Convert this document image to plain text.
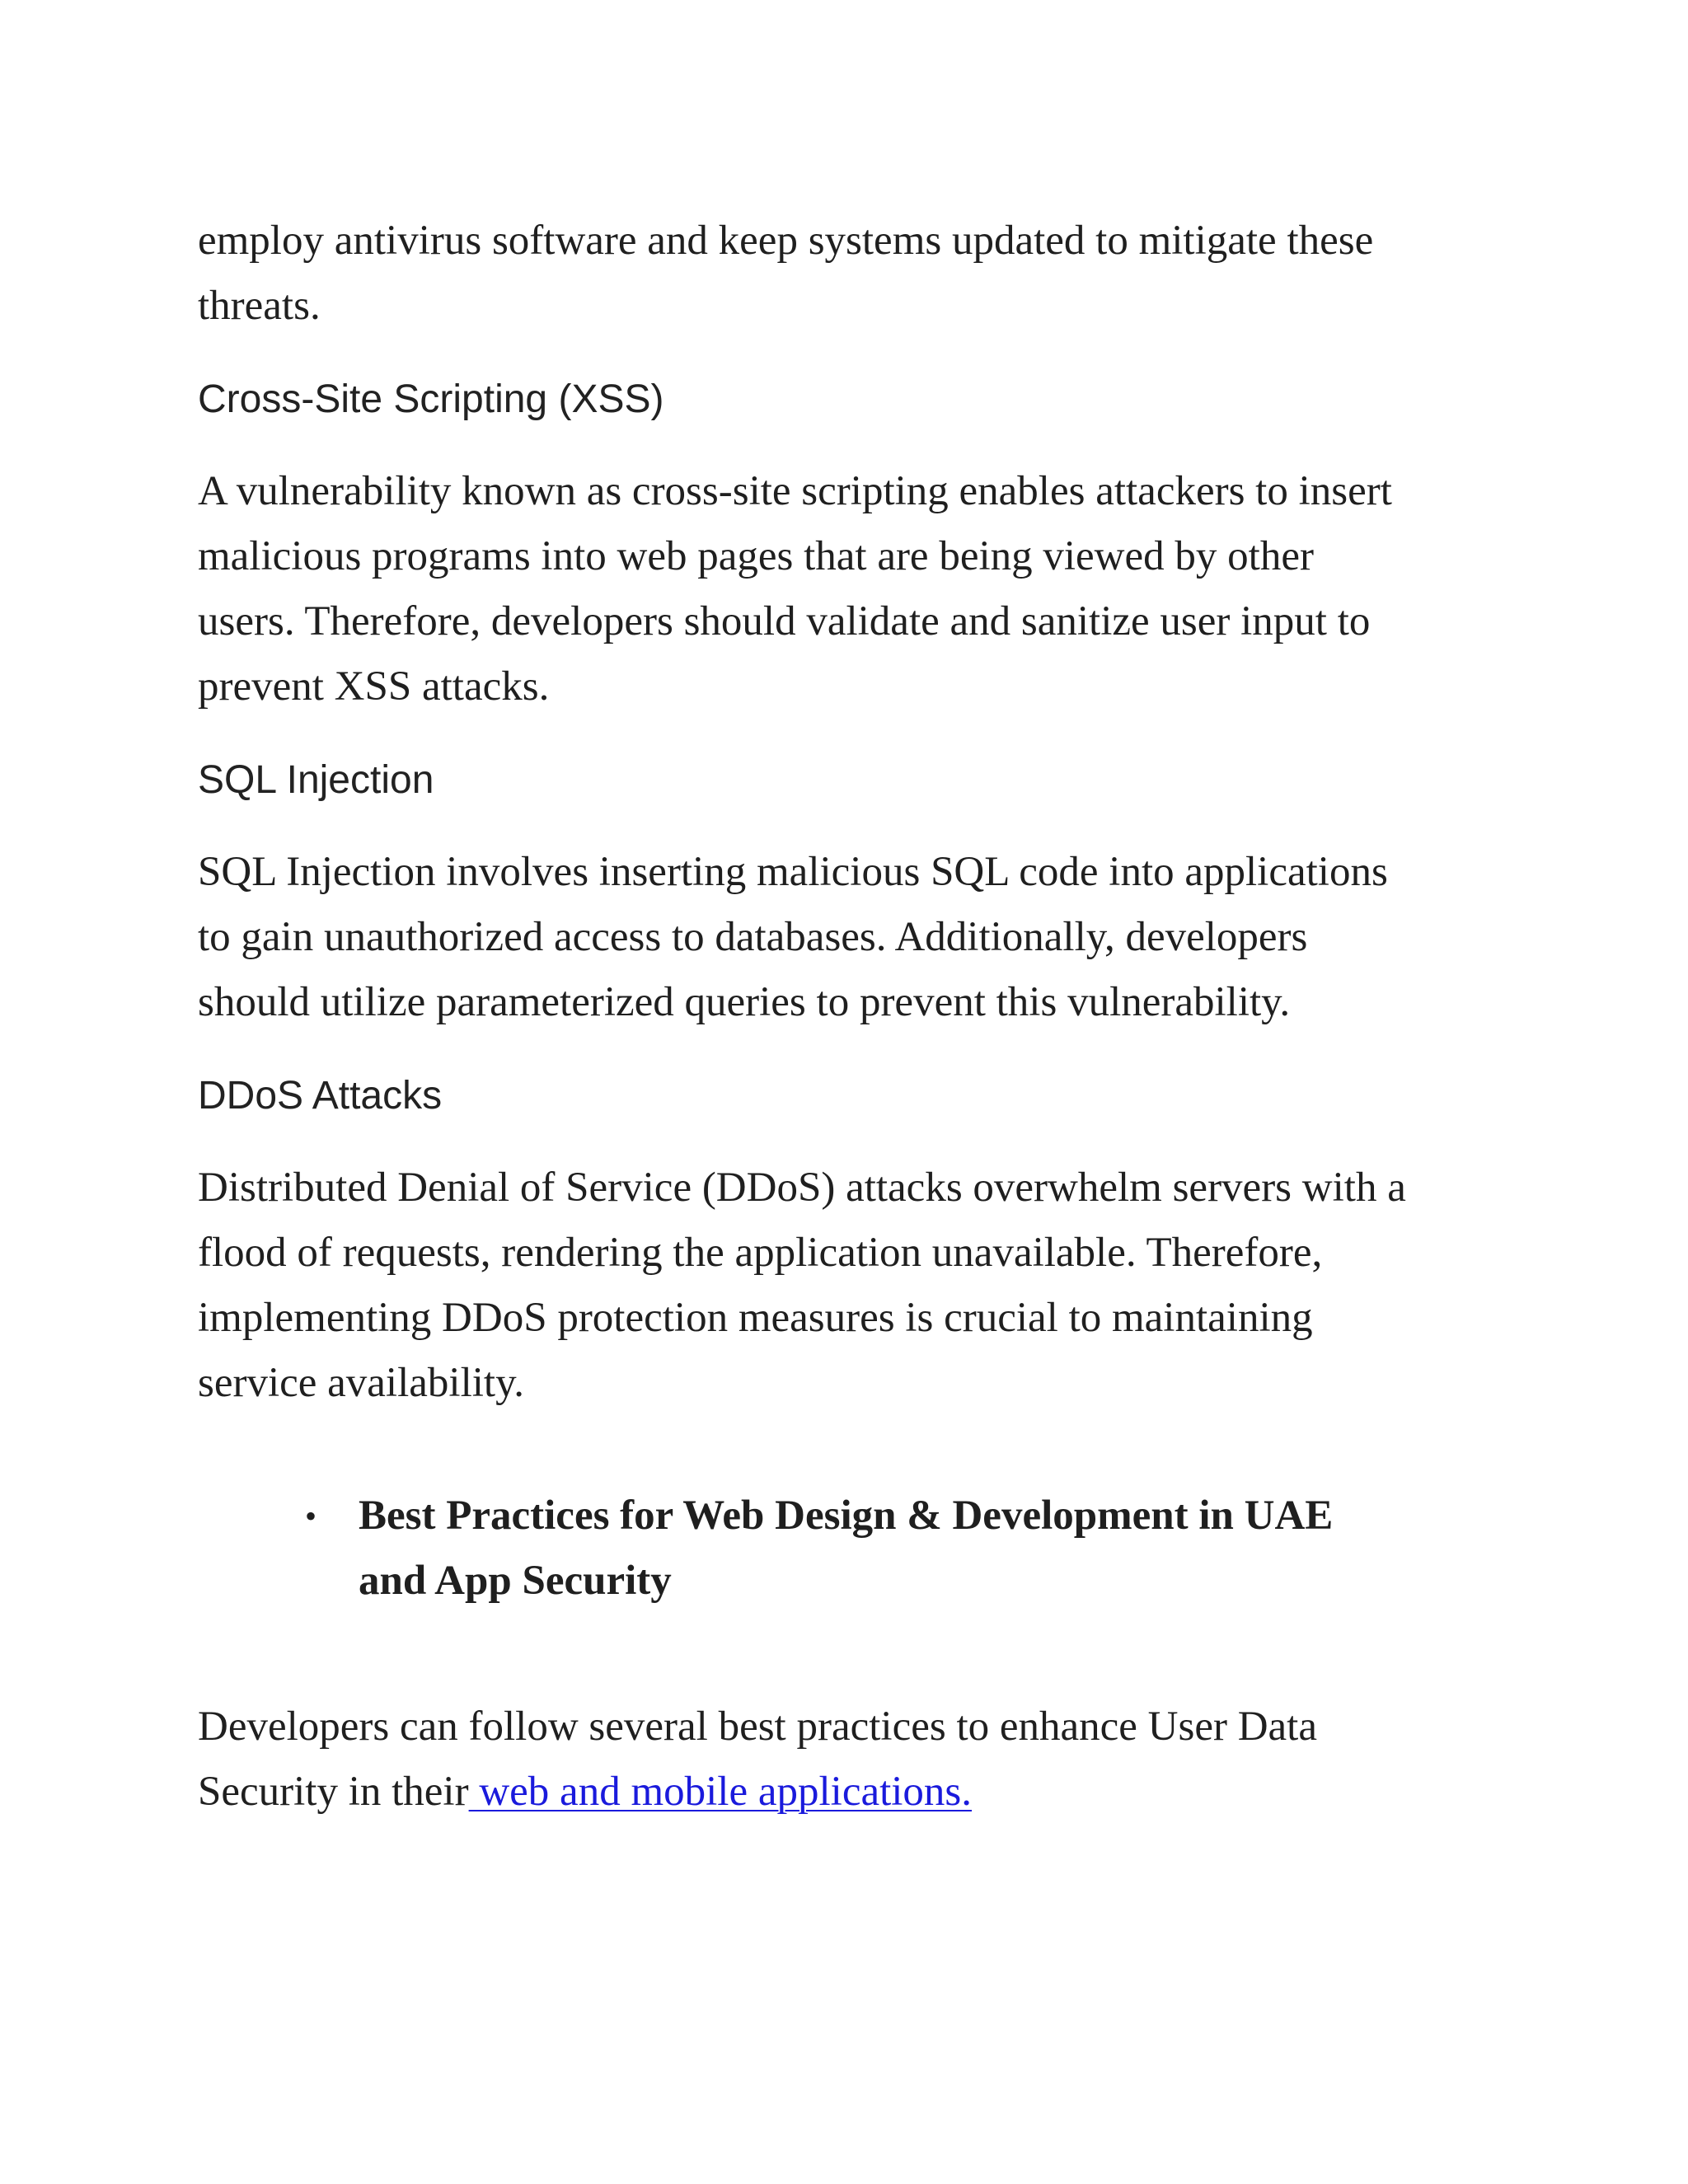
employ antivirus software and keep systems updated to mitigate these
threats.

Cross-Site Scripting (XSS)

A vulnerability known as cross-site scripting enables attackers to insert
malicious programs into web pages that are being viewed by other
users. Therefore, developers should validate and sanitize user input to
prevent XSS attacks.

SQL Injection

SQL Injection involves inserting malicious SQL code into applications
to gain unauthorized access to databases. Additionally, developers
should utilize parameterized queries to prevent this vulnerability.

DDoS Attacks

Distributed Denial of Service (DDoS) attacks overwhelm servers with a
flood of requests, rendering the application unavailable. Therefore,
implementing DDoS protection measures is crucial to maintaining
service availability.

• Best Practices for Web Design & Development in UAE
and App Security

Developers can follow several best practices to enhance User Data
Security in their web and mobile applications.
